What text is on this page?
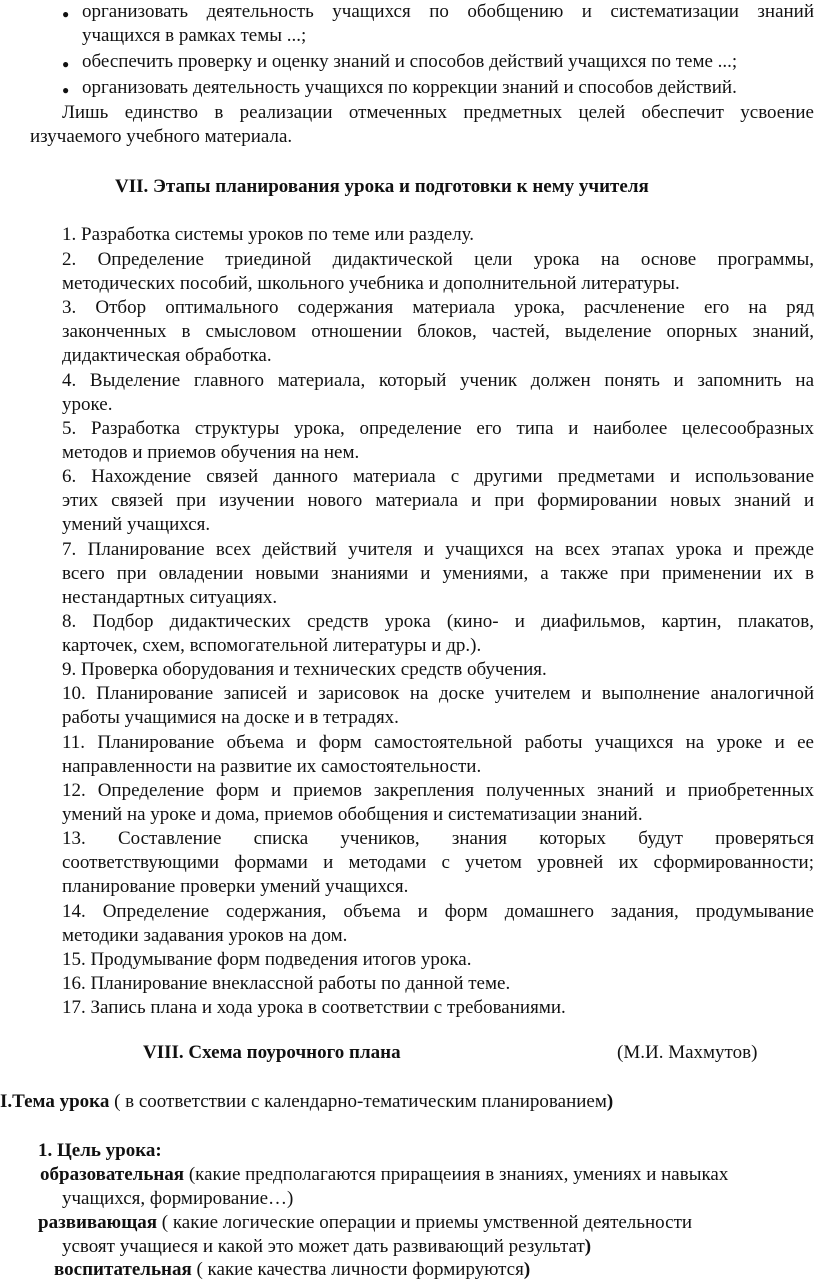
● организовать деятельность учащихся по обобщению и систематизации знаний
учащихся в рамках темы ...;
● обеспечить проверку и оценку знаний и способов действий учащихся по теме ...;
● организовать деятельность учащихся по коррекции знаний и способов действий.
Лишь единство в реализации отмеченных предметных целей обеспечит усвоение
изучаемого учебного материала.
VII. Этапы планирования урока и подготовки к нему учителя
1. Разработка системы уроков по теме или разделу.
2. Определение триединой дидактической цели урока на основе программы,
методических пособий, школьного учебника и дополнительной литературы.
3. Отбор оптимального содержания материала урока, расчленение его на ряд
законченных в смысловом отношении блоков, частей, выделение опорных знаний,
дидактическая обработка.
4. Выделение главного материала, который ученик должен понять и запомнить на
уроке.
5. Разработка структуры урока, определение его типа и наиболее целесообразных
методов и приемов обучения на нем.
6. Нахождение связей данного материала с другими предметами и использование
этих связей при изучении нового материала и при формировании новых знаний и
умений учащихся.
7. Планирование всех действий учителя и учащихся на всех этапах урока и прежде
всего при овладении новыми знаниями и умениями, а также при применении их в
нестандартных ситуациях.
8. Подбор дидактических средств урока (кино- и диафильмов, картин, плакатов,
карточек, схем, вспомогательной литературы и др.).
9. Проверка оборудования и технических средств обучения.
10. Планирование записей и зарисовок на доске учителем и выполнение аналогичной
работы учащимися на доске и в тетрадях.
11. Планирование объема и форм самостоятельной работы учащихся на уроке и ее
направленности на развитие их самостоятельности.
12. Определение форм и приемов закрепления полученных знаний и приобретенных
умений на уроке и дома, приемов обобщения и систематизации знаний.
13. Составление списка учеников, знания которых будут проверяться
соответствующими формами и методами с учетом уровней их сформированности;
планирование проверки умений учащихся.
14. Определение содержания, объема и форм домашнего задания, продумывание
методики задавания уроков на дом.
15. Продумывание форм подведения итогов урока.
16. Планирование внеклассной работы по данной теме.
17. Запись плана и хода урока в соответствии с требованиями.
VIII. Схема поурочного плана	(М.И. Махмутов)
I.Тема урока ( в соответствии с календарно-тематическим планированием)
1. Цель урока:
образовательная (какие предполагаются приращеиия в знаниях, умениях и навыках
учащихся, формирование…)
развивающая ( какие логические операции и приемы умственной деятельности
усвоят учащиеся и какой это может дать развивающий результат)
воспитательная ( какие качества личности формируются)
